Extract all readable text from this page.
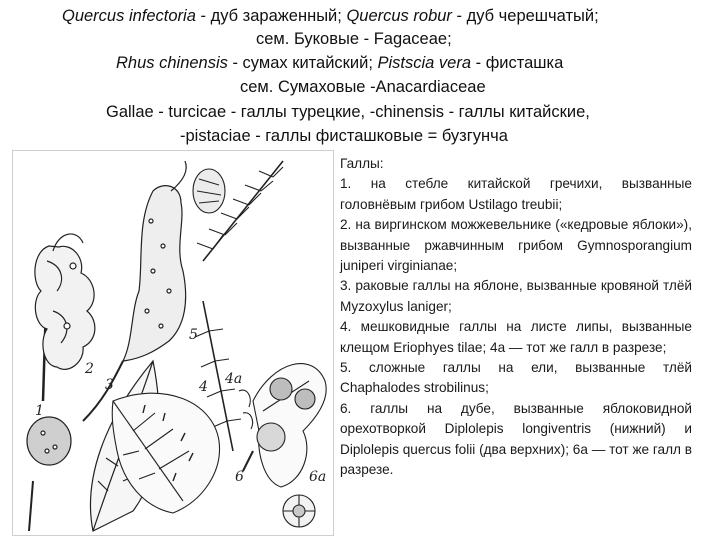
Quercus infectoria - дуб зараженный; Quercus robur - дуб черешчатый;
сем. Буковые - Fagaceae;
Rhus chinensis - сумах китайский; Pistscia vera - фисташка
сем. Сумаховые -Anacardiaceae
Gallae - turcicae - галлы турецкие, -chinensis - галлы китайские,
-pistaciae - галлы фисташковые = бузгунча
1
2
3	4 4а
5
6	6а

Галлы:

1. на стебле китайской гречихи, вызванные головнёвым грибом Ustilago treubii;

2. на виргинском можжевельнике («кедровые яблоки»), вызванные ржавчинным грибом Gymnosporangium juniperi virginianae;

3. раковые галлы на яблоне, вызванные кровяной тлёй Myzoxylus laniger;

4. мешковидные галлы на листе липы, вызванные клещом Eriophyes tilae; 4а — тот же галл в разрезе;

5. сложные галлы на ели, вызванные тлёй Chaphalodes strobilinus;

6. галлы на дубе, вызванные яблоковидной орехотворкой Diplolepis longiventris (нижний) и Diplolepis quercus folii (два верхних); 6а — тот же галл в разрезе.
